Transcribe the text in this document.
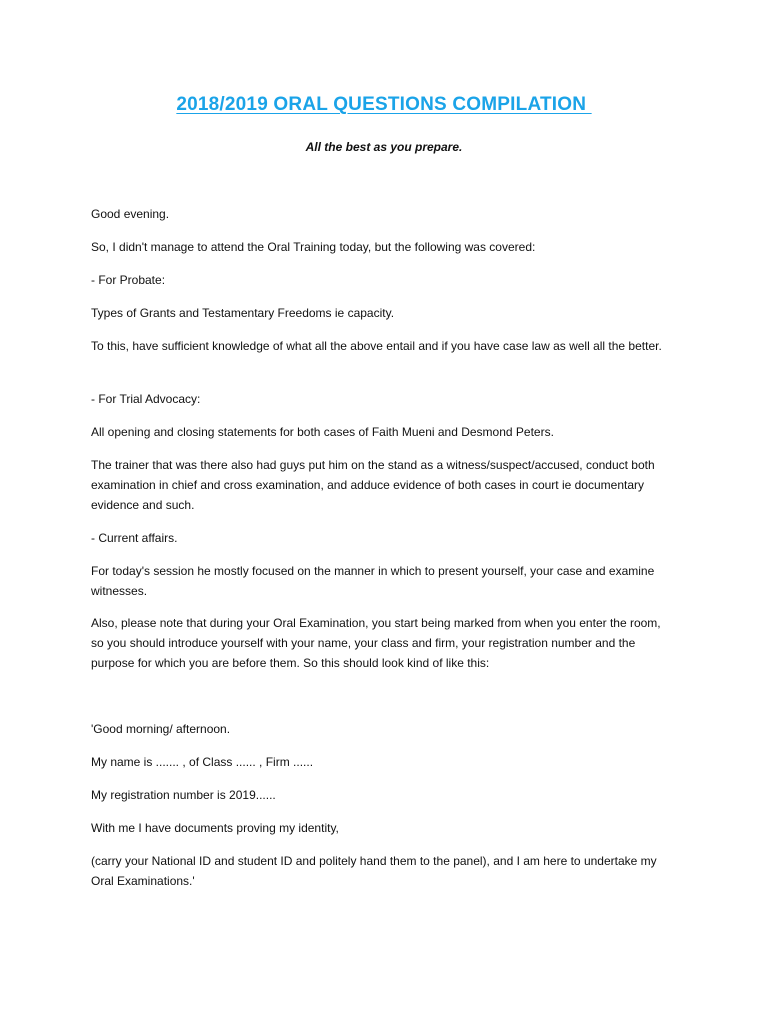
2018/2019 ORAL QUESTIONS COMPILATION
All the best as you prepare.

Good evening.

So, I didn't manage to attend the Oral Training today, but the following was covered:

- For Probate:

Types of Grants and Testamentary Freedoms ie capacity.

To this, have sufficient knowledge of what all the above entail and if you have case law as well all the better.

- For Trial Advocacy:

All opening and closing statements for both cases of Faith Mueni and Desmond Peters.

The trainer that was there also had guys put him on the stand as a witness/suspect/accused, conduct both examination in chief and cross examination, and adduce evidence of both cases in court ie documentary evidence and such.

- Current affairs.

For today's session he mostly focused on the manner in which to present yourself, your case and examine witnesses.

Also, please note that during your Oral Examination, you start being marked from when you enter the room, so you should introduce yourself with your name, your class and firm, your registration number and the purpose for which you are before them. So this should look kind of like this:

'Good morning/ afternoon.

My name is ....... , of Class ...... , Firm ......

My registration number is 2019......

With me I have documents proving my identity,

(carry your National ID and student ID and politely hand them to the panel), and I am here to undertake my Oral Examinations.'
